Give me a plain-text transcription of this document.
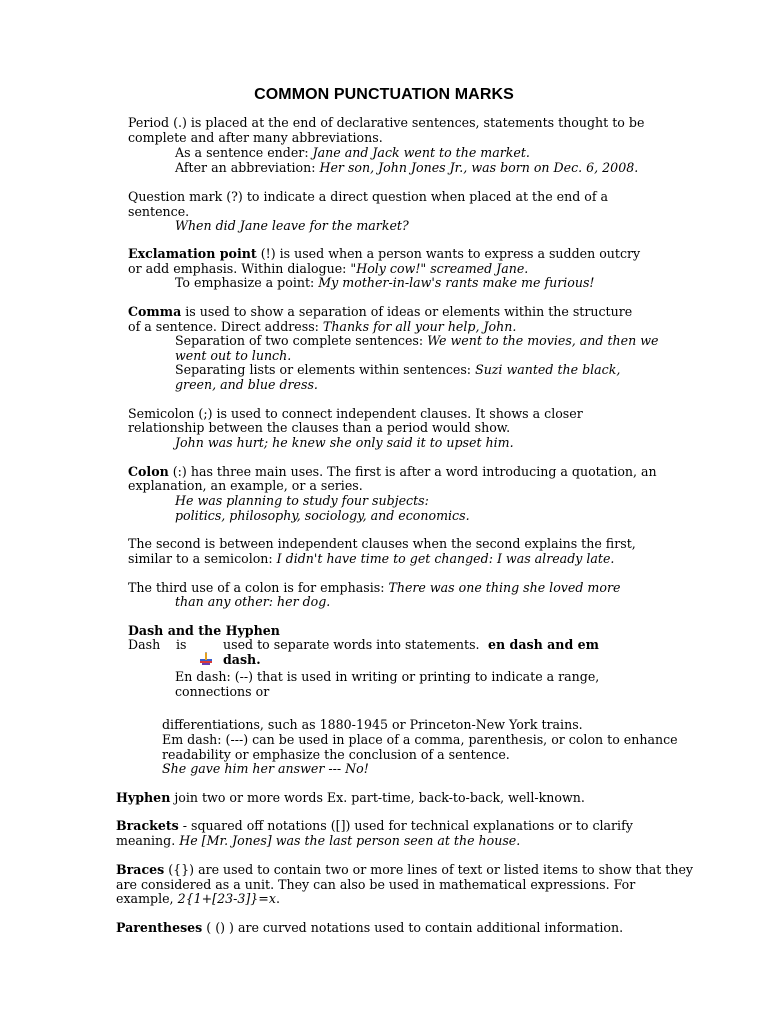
COMMON PUNCTUATION MARKS
Period (.) is placed at the end of declarative sentences, statements thought to be
complete and after many abbreviations.
As a sentence ender: Jane and Jack went to the market.
After an abbreviation: Her son, John Jones Jr., was born on Dec. 6, 2008.
Question mark (?) to indicate a direct question when placed at the end of a
sentence.
When did Jane leave for the market?
Exclamation point (!) is used when a person wants to express a sudden outcry
or add emphasis. Within dialogue: "Holy cow!" screamed Jane.
To emphasize a point: My mother-in-law's rants make me furious!
Comma is used to show a separation of ideas or elements within the structure
of a sentence. Direct address: Thanks for all your help, John.
Separation of two complete sentences: We went to the movies, and then we
went out to lunch.
Separating lists or elements within sentences: Suzi wanted the black,
green, and blue dress.
Semicolon (;) is used to connect independent clauses. It shows a closer
relationship between the clauses than a period would show.
John was hurt; he knew she only said it to upset him.
Colon (:) has three main uses. The first is after a word introducing a quotation, an
explanation, an example, or a series.
He was planning to study four subjects:
politics, philosophy, sociology, and economics.
The second is between independent clauses when the second explains the first,
similar to a semicolon: I didn't have time to get changed: I was already late.
The third use of a colon is for emphasis: There was one thing she loved more
than any other: her dog.
Dash and the Hyphen
Dash is	used to separate words into statements. en dash and em
dash.
En dash: (--) that is used in writing or printing to indicate a range,
connections or
differentiations, such as 1880-1945 or Princeton-New York trains.
Em dash: (---) can be used in place of a comma, parenthesis, or colon to enhance
readability or emphasize the conclusion of a sentence.
She gave him her answer --- No!
Hyphen join two or more words Ex. part-time, back-to-back, well-known.
Brackets - squared off notations ([]) used for technical explanations or to clarify
meaning. He [Mr. Jones] was the last person seen at the house.
Braces ({}) are used to contain two or more lines of text or listed items to show that they
are considered as a unit. They can also be used in mathematical expressions. For
example, 2{1+[23-3]}=x.
Parentheses ( () ) are curved notations used to contain additional information.
